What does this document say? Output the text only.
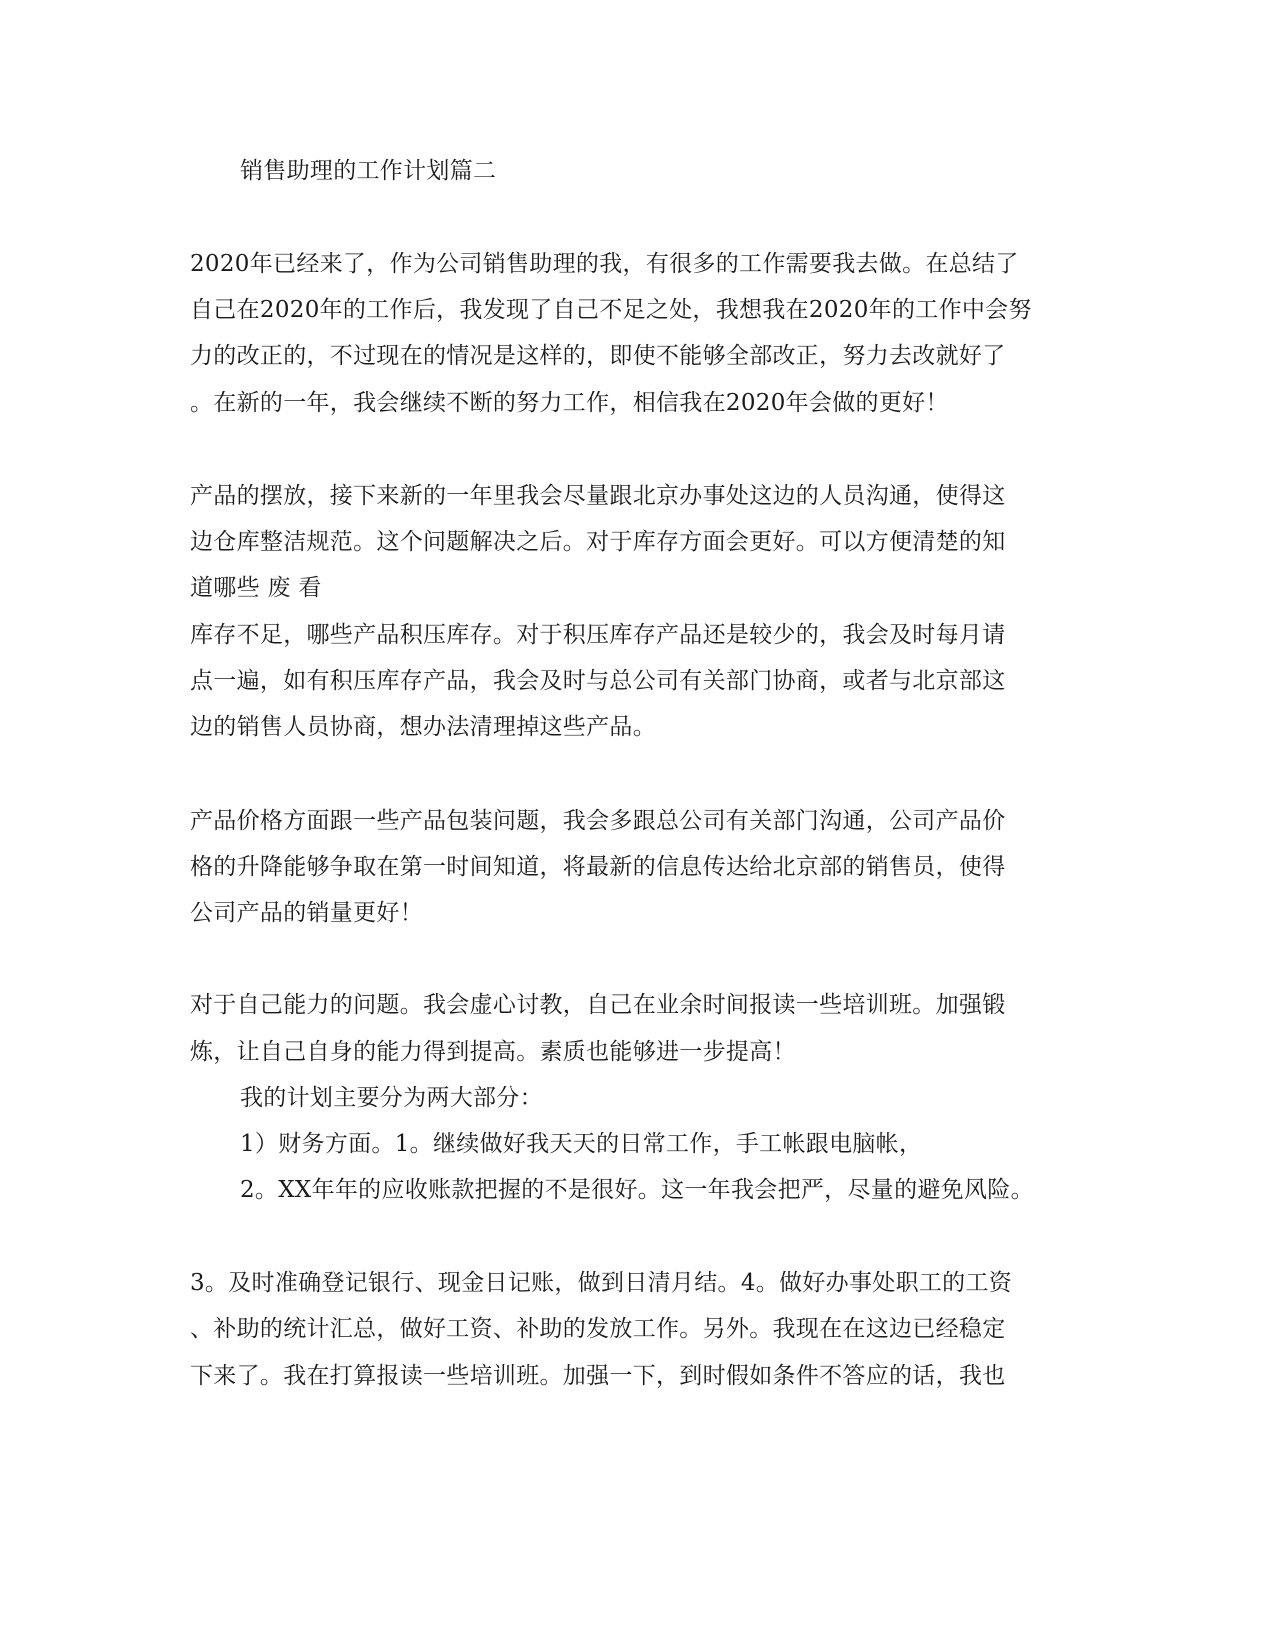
销售助理的工作计划篇二
2020年已经来了，作为公司销售助理的我，有很多的工作需要我去做。在总结了
自己在2020年的工作后，我发现了自己不足之处，我想我在2020年的工作中会努
力的改正的，不过现在的情况是这样的，即使不能够全部改正，努力去改就好了
。在新的一年，我会继续不断的努力工作，相信我在2020年会做的更好！
产品的摆放，接下来新的一年里我会尽量跟北京办事处这边的人员沟通，使得这
边仓库整洁规范。这个问题解决之后。对于库存方面会更好。可以方便清楚的知
道哪些 废 看
库存不足，哪些产品积压库存。对于积压库存产品还是较少的，我会及时每月请
点一遍，如有积压库存产品，我会及时与总公司有关部门协商，或者与北京部这
边的销售人员协商，想办法清理掉这些产品。
产品价格方面跟一些产品包装问题，我会多跟总公司有关部门沟通，公司产品价
格的升降能够争取在第一时间知道，将最新的信息传达给北京部的销售员，使得
公司产品的销量更好！
对于自己能力的问题。我会虚心讨教，自己在业余时间报读一些培训班。加强锻
炼，让自己自身的能力得到提高。素质也能够进一步提高！
我的计划主要分为两大部分：
1）财务方面。1。继续做好我天天的日常工作，手工帐跟电脑帐，
2。XX年年的应收账款把握的不是很好。这一年我会把严，尽量的避免风险。
3。及时准确登记银行、现金日记账，做到日清月结。4。做好办事处职工的工资
、补助的统计汇总，做好工资、补助的发放工作。另外。我现在在这边已经稳定
下来了。我在打算报读一些培训班。加强一下，到时假如条件不答应的话，我也
